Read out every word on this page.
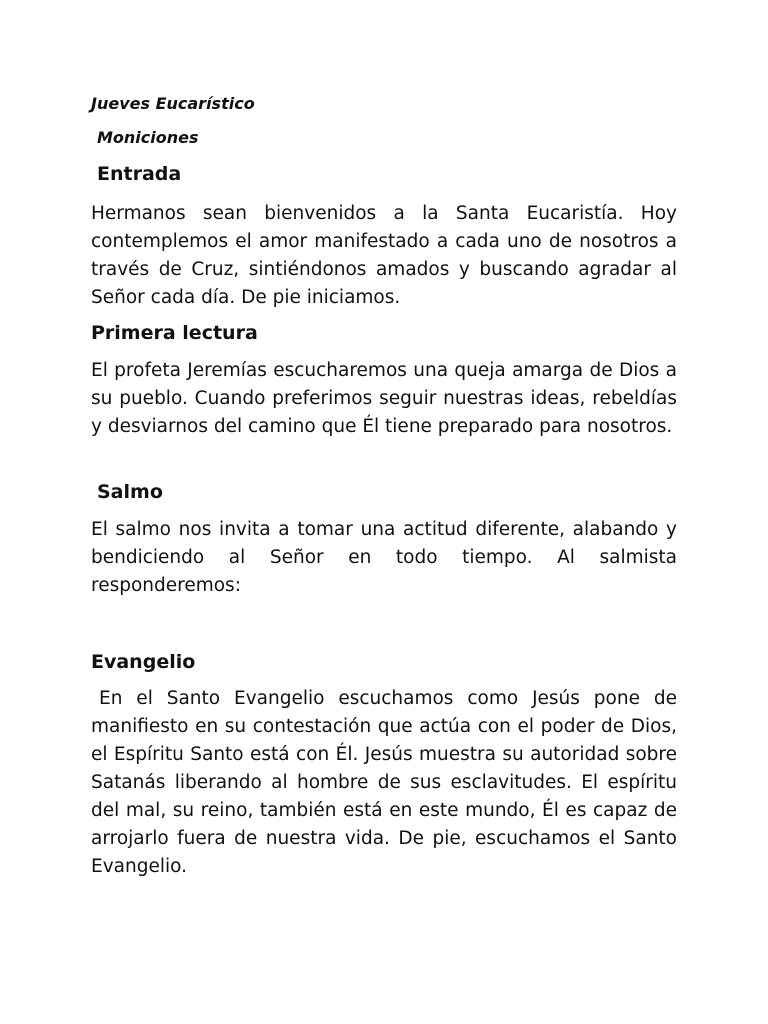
Jueves Eucarístico

Moniciones

Entrada

Hermanos sean bienvenidos a la Santa Eucaristía. Hoy contemplemos el amor manifestado a cada uno de nosotros a través de Cruz, sintiéndonos amados y buscando agradar al Señor cada día. De pie iniciamos.

Primera lectura

El profeta Jeremías escucharemos una queja amarga de Dios a su pueblo. Cuando preferimos seguir nuestras ideas, rebeldías y desviarnos del camino que Él tiene preparado para nosotros.

Salmo

El salmo nos invita a tomar una actitud diferente, alabando y bendiciendo al Señor en todo tiempo. Al salmista responderemos:

Evangelio

En el Santo Evangelio escuchamos como Jesús pone de manifiesto en su contestación que actúa con el poder de Dios, el Espíritu Santo está con Él. Jesús muestra su autoridad sobre Satanás liberando al hombre de sus esclavitudes. El espíritu del mal, su reino, también está en este mundo, Él es capaz de arrojarlo fuera de nuestra vida. De pie, escuchamos el Santo Evangelio.
